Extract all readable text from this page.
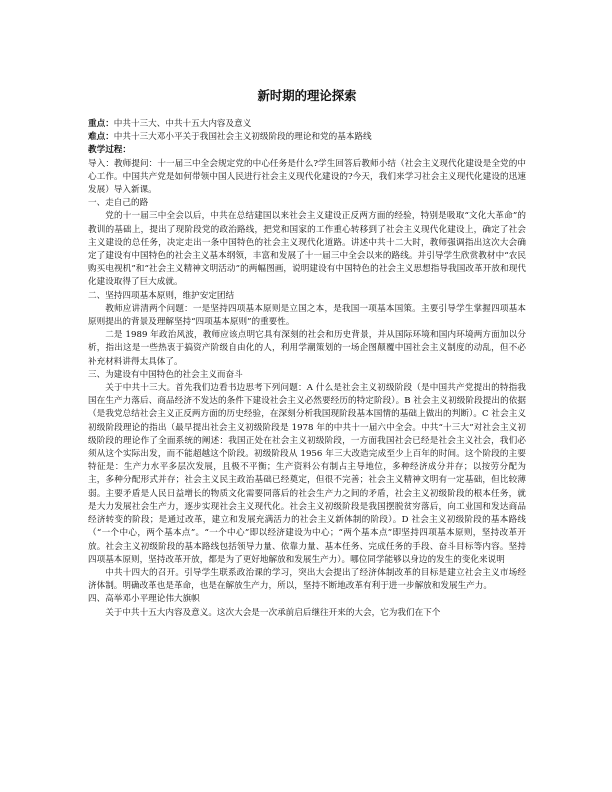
新时期的理论探索

重点：中共十三大、中共十五大内容及意义

难点：中共十三大邓小平关于我国社会主义初级阶段的理论和党的基本路线

教学过程：

导入：教师提问：十一届三中全会规定党的中心任务是什么?学生回答后教师小结（社会主义现代化建设是全党的中心工作。中国共产党是如何带领中国人民进行社会主义现代化建设的?今天，我们来学习社会主义现代化建设的迅速发展）导入新课。

一、走自己的路

党的十一届三中全会以后，中共在总结建国以来社会主义建设正反两方面的经验，特别是吸取“文化大革命”的教训的基础上，提出了现阶段党的政治路线，把党和国家的工作重心转移到了社会主义现代化建设上，确定了社会主义建设的总任务，决定走出一条中国特色的社会主义现代化道路。讲述中共十二大时，教师强调指出这次大会确定了建设有中国特色的社会主义基本纲领，丰富和发展了十一届三中全会以来的路线。并引导学生欣赏教材中“农民购买电视机”和“社会主义精神文明活动”的两幅图画，说明建设有中国特色的社会主义思想指导我国改革开放和现代化建设取得了巨大成就。

二、坚持四项基本原则，维护安定团结

教师应讲清两个问题：一是坚持四项基本原则是立国之本，是我国一项基本国策。主要引导学生掌握四项基本原则提出的背景及理解坚持“四项基本原则”的重要性。

二是 1989 年政治风波，教师应该点明它具有深刻的社会和历史背景，并从国际环境和国内环境两方面加以分析，指出这是一些热衷于搞资产阶级自由化的人，利用学潮策划的一场企图颠覆中国社会主义制度的动乱，但不必补充材料讲得太具体了。

三、为建设有中国特色的社会主义而奋斗

关于中共十三大。首先我们边看书边思考下列问题：A 什么是社会主义初级阶段（是中国共产党提出的特指我国在生产力落后、商品经济不发达的条件下建设社会主义必然要经历的特定阶段）。B 社会主义初级阶段提出的依据（是我党总结社会主义正反两方面的历史经验，在深刻分析我国现阶段基本国情的基础上做出的判断）。C 社会主义初级阶段理论的指出（最早提出社会主义初级阶段是 1978 年的中共十一届六中全会。中共“十三大”对社会主义初级阶段的理论作了全面系统的阐述：我国正处在社会主义初级阶段，一方面我国社会已经是社会主义社会，我们必须从这个实际出发，而不能超越这个阶段。初级阶段从 1956 年三大改造完成至少上百年的时间。这个阶段的主要特征是：生产力水平多层次发展，且极不平衡；生产资料公有制占主导地位，多种经济成分并存；以按劳分配为主，多种分配形式并存；社会主义民主政治基础已经奠定，但很不完善；社会主义精神文明有一定基础，但比较薄弱。主要矛盾是人民日益增长的物质文化需要同落后的社会生产力之间的矛盾，社会主义初级阶段的根本任务，就是大力发展社会生产力，逐步实现社会主义现代化。社会主义初级阶段是我国摆脱贫穷落后，向工业国和发达商品经济转变的阶段；是通过改革，建立和发展充满活力的社会主义新体制的阶段）。D 社会主义初级阶段的基本路线（“一个中心，两个基本点”。“一个中心”即以经济建设为中心；“两个基本点”即坚持四项基本原则，坚持改革开放。社会主义初级阶段的基本路线包括领导力量、依靠力量、基本任务、完成任务的手段、奋斗目标等内容。坚持四项基本原则，坚持改革开放，都是为了更好地解放和发展生产力）。哪位同学能够以身边的发生的变化来说明

中共十四大的召开。引导学生联系政治课的学习，突出大会提出了经济体制改革的目标是建立社会主义市场经济体制。明确改革也是革命，也是在解放生产力，所以，坚持不断地改革有利于进一步解放和发展生产力。

四、高举邓小平理论伟大旗帜

关于中共十五大内容及意义。这次大会是一次承前启后继往开来的大会，它为我们在下个
